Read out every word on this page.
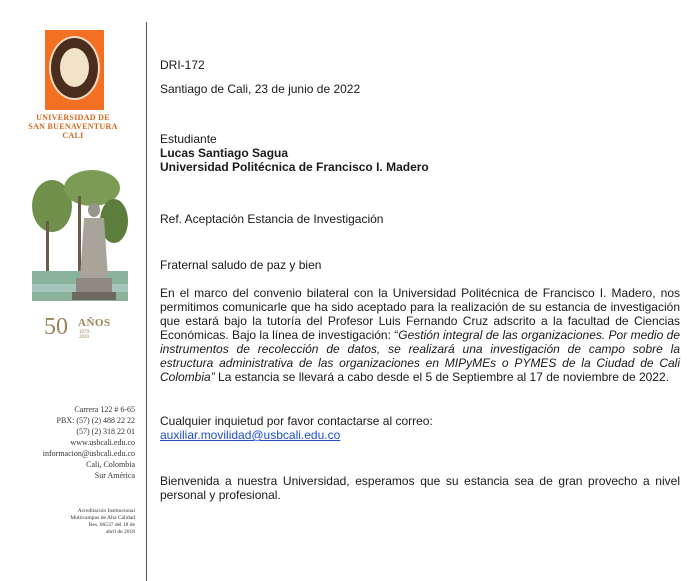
UNIVERSIDAD DE
SAN BUENAVENTURA
CALI
50 AÑOS
1970-2020
Carrera 122 # 6-65
PBX: (57) (2) 488 22 22
(57) (2) 318 22 01
www.usbcali.edu.co
informacion@usbcali.edu.co
Cali, Colombia
Sur América
Acreditación Institucional
Multicampus de Alta Calidad
Res. 06537 del 18 de
abril de 2018

DRI-172

Santiago de Cali, 23 de junio de 2022

Estudiante
Lucas Santiago Sagua
Universidad Politécnica de Francisco I. Madero

Ref. Aceptación Estancia de Investigación

Fraternal saludo de paz y bien

En el marco del convenio bilateral con la Universidad Politécnica de Francisco I. Madero, nos permitimos comunicarle que ha sido aceptado para la realización de su estancia de investigación que estará bajo la tutoría del Profesor Luis Fernando Cruz adscrito a la facultad de Ciencias Económicas. Bajo la línea de investigación: “Gestión integral de las organizaciones. Por medio de instrumentos de recolección de datos, se realizará una investigación de campo sobre la estructura administrativa de las organizaciones en MIPyMEs o PYMES de la Ciudad de Cali Colombia” La estancia se llevará a cabo desde el 5 de Septiembre al 17 de noviembre de 2022.

Cualquier inquietud por favor contactarse al correo:
auxiliar.movilidad@usbcali.edu.co

Bienvenida a nuestra Universidad, esperamos que su estancia sea de gran provecho a nivel personal y profesional.
